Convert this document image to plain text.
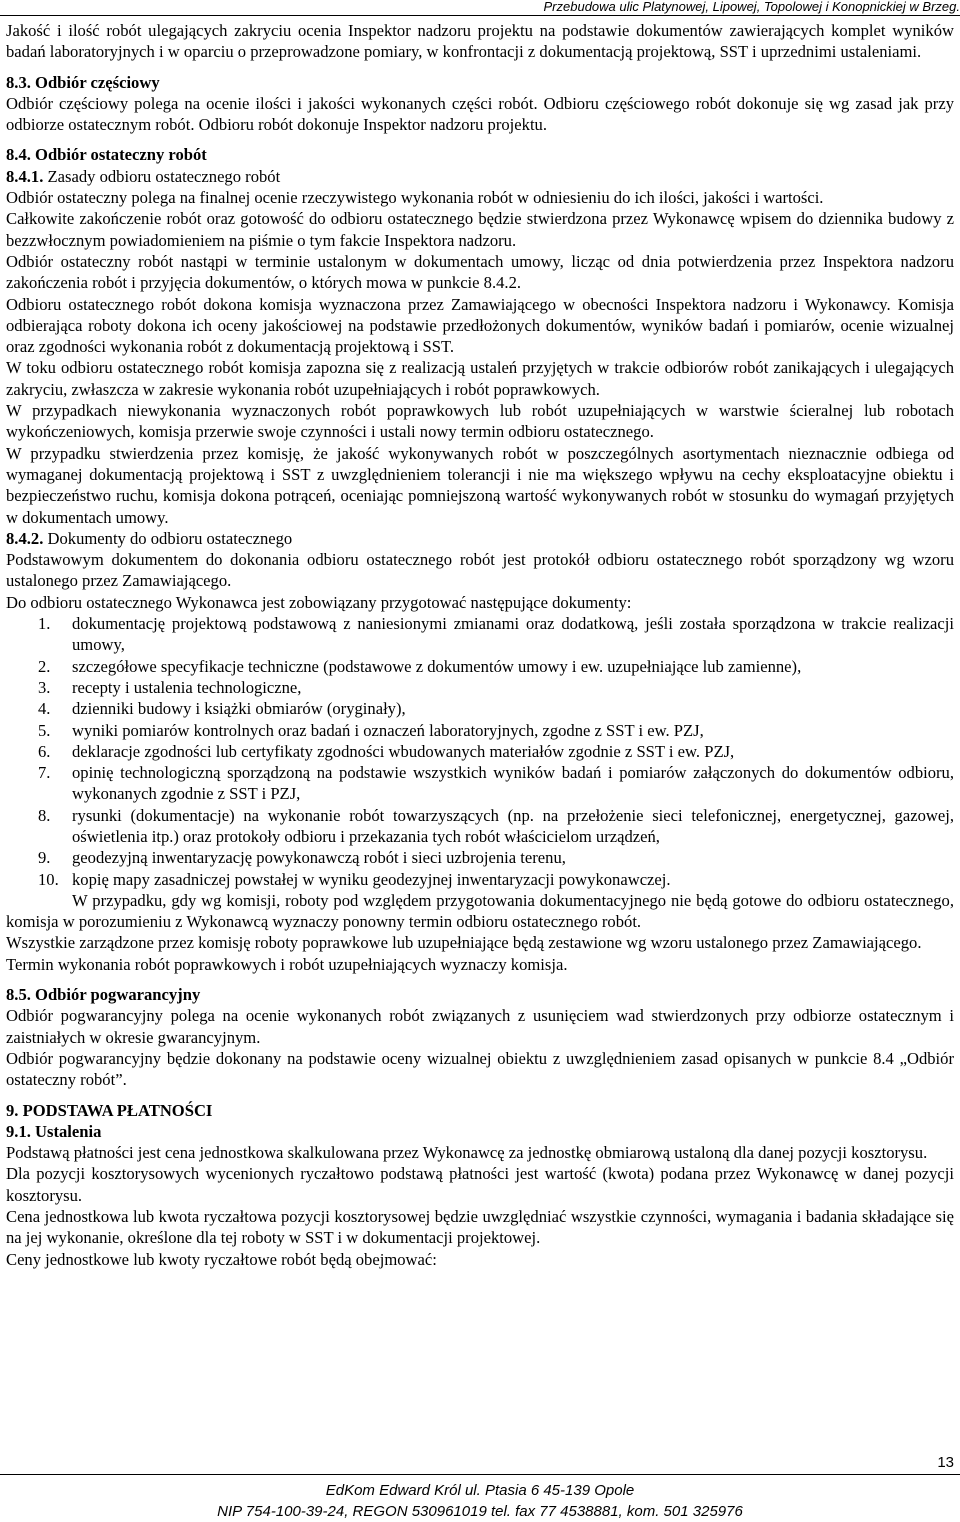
Przebudowa ulic Platynowej, Lipowej, Topolowej i Konopnickiej w Brzeg.

Jakość i ilość robót ulegających zakryciu ocenia Inspektor nadzoru projektu na podstawie dokumentów zawierających komplet wyników badań laboratoryjnych i w oparciu o przeprowadzone pomiary, w konfrontacji z dokumentacją projektową, SST i uprzednimi ustaleniami.

8.3. Odbiór częściowy

Odbiór częściowy polega na ocenie ilości i jakości wykonanych części robót. Odbioru częściowego robót dokonuje się wg zasad jak przy odbiorze ostatecznym robót. Odbioru robót dokonuje Inspektor nadzoru projektu.

8.4. Odbiór ostateczny robót

8.4.1. Zasady odbioru ostatecznego robót

Odbiór ostateczny polega na finalnej ocenie rzeczywistego wykonania robót w odniesieniu do ich ilości, jakości i wartości.

Całkowite zakończenie robót oraz gotowość do odbioru ostatecznego będzie stwierdzona przez Wykonawcę wpisem do dziennika budowy z bezzwłocznym powiadomieniem na piśmie o tym fakcie Inspektora nadzoru.

Odbiór ostateczny robót nastąpi w terminie ustalonym w dokumentach umowy, licząc od dnia potwierdzenia przez Inspektora nadzoru zakończenia robót i przyjęcia dokumentów, o których mowa w punkcie 8.4.2.

Odbioru ostatecznego robót dokona komisja wyznaczona przez Zamawiającego w obecności Inspektora nadzoru i Wykonawcy. Komisja odbierająca roboty dokona ich oceny jakościowej na podstawie przedłożonych dokumentów, wyników badań i pomiarów, ocenie wizualnej oraz zgodności wykonania robót z dokumentacją projektową i SST.

W toku odbioru ostatecznego robót komisja zapozna się z realizacją ustaleń przyjętych w trakcie odbiorów robót zanikających i ulegających zakryciu, zwłaszcza w zakresie wykonania robót uzupełniających i robót poprawkowych.

W przypadkach niewykonania wyznaczonych robót poprawkowych lub robót uzupełniających w warstwie ścieralnej lub robotach wykończeniowych, komisja przerwie swoje czynności i ustali nowy termin odbioru ostatecznego.

W przypadku stwierdzenia przez komisję, że jakość wykonywanych robót w poszczególnych asortymentach nieznacznie odbiega od wymaganej dokumentacją projektową i SST z uwzględnieniem tolerancji i nie ma większego wpływu na cechy eksploatacyjne obiektu i bezpieczeństwo ruchu, komisja dokona potrąceń, oceniając pomniejszoną wartość wykonywanych robót w stosunku do wymagań przyjętych w dokumentach umowy.

8.4.2. Dokumenty do odbioru ostatecznego

Podstawowym dokumentem do dokonania odbioru ostatecznego robót jest protokół odbioru ostatecznego robót sporządzony wg wzoru ustalonego przez Zamawiającego.

Do odbioru ostatecznego Wykonawca jest zobowiązany przygotować następujące dokumenty:

1.	dokumentację projektową podstawową z naniesionymi zmianami oraz dodatkową, jeśli została sporządzona w trakcie realizacji umowy,
2.	szczegółowe specyfikacje techniczne (podstawowe z dokumentów umowy i ew. uzupełniające lub zamienne),
3.	recepty i ustalenia technologiczne,
4.	dzienniki budowy i książki obmiarów (oryginały),
5.	wyniki pomiarów kontrolnych oraz badań i oznaczeń laboratoryjnych, zgodne z SST i ew. PZJ,
6.	deklaracje zgodności lub certyfikaty zgodności wbudowanych materiałów zgodnie z SST i ew. PZJ,
7.	opinię technologiczną sporządzoną na podstawie wszystkich wyników badań i pomiarów załączonych do dokumentów odbioru, wykonanych zgodnie z SST i PZJ,
8.	rysunki (dokumentacje) na wykonanie robót towarzyszących (np. na przełożenie sieci telefonicznej, energetycznej, gazowej, oświetlenia itp.) oraz protokoły odbioru i przekazania tych robót właścicielom urządzeń,
9.	geodezyjną inwentaryzację powykonawczą robót i sieci uzbrojenia terenu,
10. kopię mapy zasadniczej powstałej w wyniku geodezyjnej inwentaryzacji powykonawczej.

W przypadku, gdy wg komisji, roboty pod względem przygotowania dokumentacyjnego nie będą gotowe do odbioru ostatecznego, komisja w porozumieniu z Wykonawcą wyznaczy ponowny termin odbioru ostatecznego robót.

Wszystkie zarządzone przez komisję roboty poprawkowe lub uzupełniające będą zestawione wg wzoru ustalonego przez Zamawiającego.

Termin wykonania robót poprawkowych i robót uzupełniających wyznaczy komisja.

8.5. Odbiór pogwarancyjny

Odbiór pogwarancyjny polega na ocenie wykonanych robót związanych z usunięciem wad stwierdzonych przy odbiorze ostatecznym i zaistniałych w okresie gwarancyjnym.

Odbiór pogwarancyjny będzie dokonany na podstawie oceny wizualnej obiektu z uwzględnieniem zasad opisanych w punkcie 8.4 „Odbiór ostateczny robót”.

9. PODSTAWA PŁATNOŚCI

9.1. Ustalenia

Podstawą płatności jest cena jednostkowa skalkulowana przez Wykonawcę za jednostkę obmiarową ustaloną dla danej pozycji kosztorysu.

Dla pozycji kosztorysowych wycenionych ryczałtowo podstawą płatności jest wartość (kwota) podana przez Wykonawcę w danej pozycji kosztorysu.

Cena jednostkowa lub kwota ryczałtowa pozycji kosztorysowej będzie uwzględniać wszystkie czynności, wymagania i badania składające się na jej wykonanie, określone dla tej roboty w SST i w dokumentacji projektowej.

Ceny jednostkowe lub kwoty ryczałtowe robót będą obejmować:

13
EdKom Edward Król ul. Ptasia 6 45-139 Opole
NIP 754-100-39-24, REGON 530961019 tel. fax 77 4538881, kom. 501 325976
